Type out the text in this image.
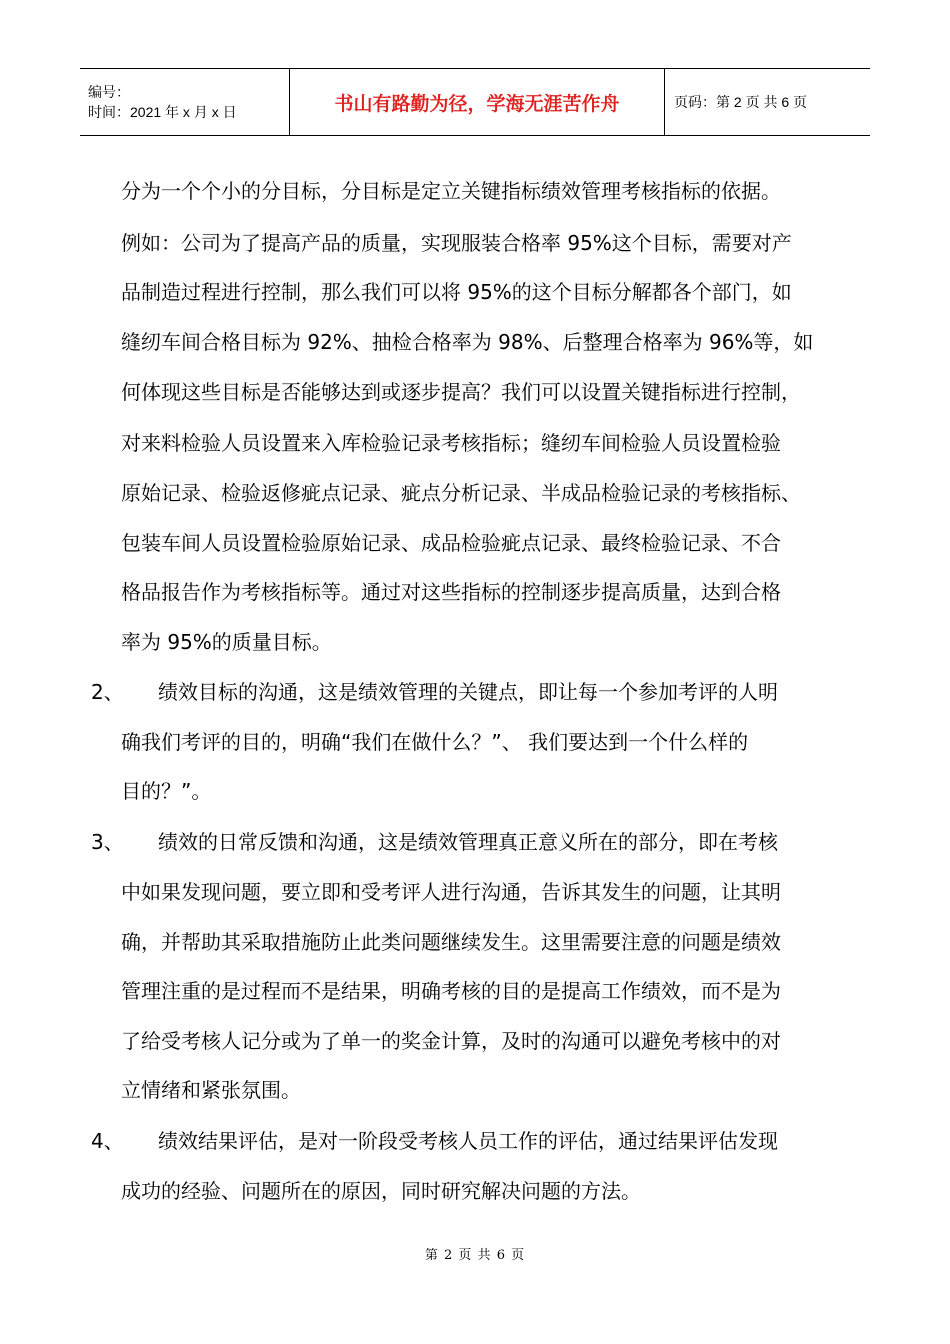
编号：
时间：2021 年 x 月 x 日	书山有路勤为径，学海无涯苦作舟	页码：第 2 页 共 6 页
分为一个个小的分目标，分目标是定立关键指标绩效管理考核指标的依据。
例如：公司为了提高产品的质量，实现服装合格率 95%这个目标，需要对产
品制造过程进行控制，那么我们可以将 95%的这个目标分解都各个部门，如
缝纫车间合格目标为 92%、抽检合格率为 98%、后整理合格率为 96%等，如
何体现这些目标是否能够达到或逐步提高？我们可以设置关键指标进行控制，
对来料检验人员设置来入库检验记录考核指标；缝纫车间检验人员设置检验
原始记录、检验返修疵点记录、疵点分析记录、半成品检验记录的考核指标、
包装车间人员设置检验原始记录、成品检验疵点记录、最终检验记录、不合
格品报告作为考核指标等。通过对这些指标的控制逐步提高质量，达到合格
率为 95%的质量目标。
2、 绩效目标的沟通，这是绩效管理的关键点，即让每一个参加考评的人明
确我们考评的目的，明确“我们在做什么？”、 我们要达到一个什么样的
目的？”。
3、 绩效的日常反馈和沟通，这是绩效管理真正意义所在的部分，即在考核
中如果发现问题，要立即和受考评人进行沟通，告诉其发生的问题，让其明
确，并帮助其采取措施防止此类问题继续发生。这里需要注意的问题是绩效
管理注重的是过程而不是结果，明确考核的目的是提高工作绩效，而不是为
了给受考核人记分或为了单一的奖金计算，及时的沟通可以避免考核中的对
立情绪和紧张氛围。
4、 绩效结果评估，是对一阶段受考核人员工作的评估，通过结果评估发现
成功的经验、问题所在的原因，同时研究解决问题的方法。
第 2 页 共 6 页
